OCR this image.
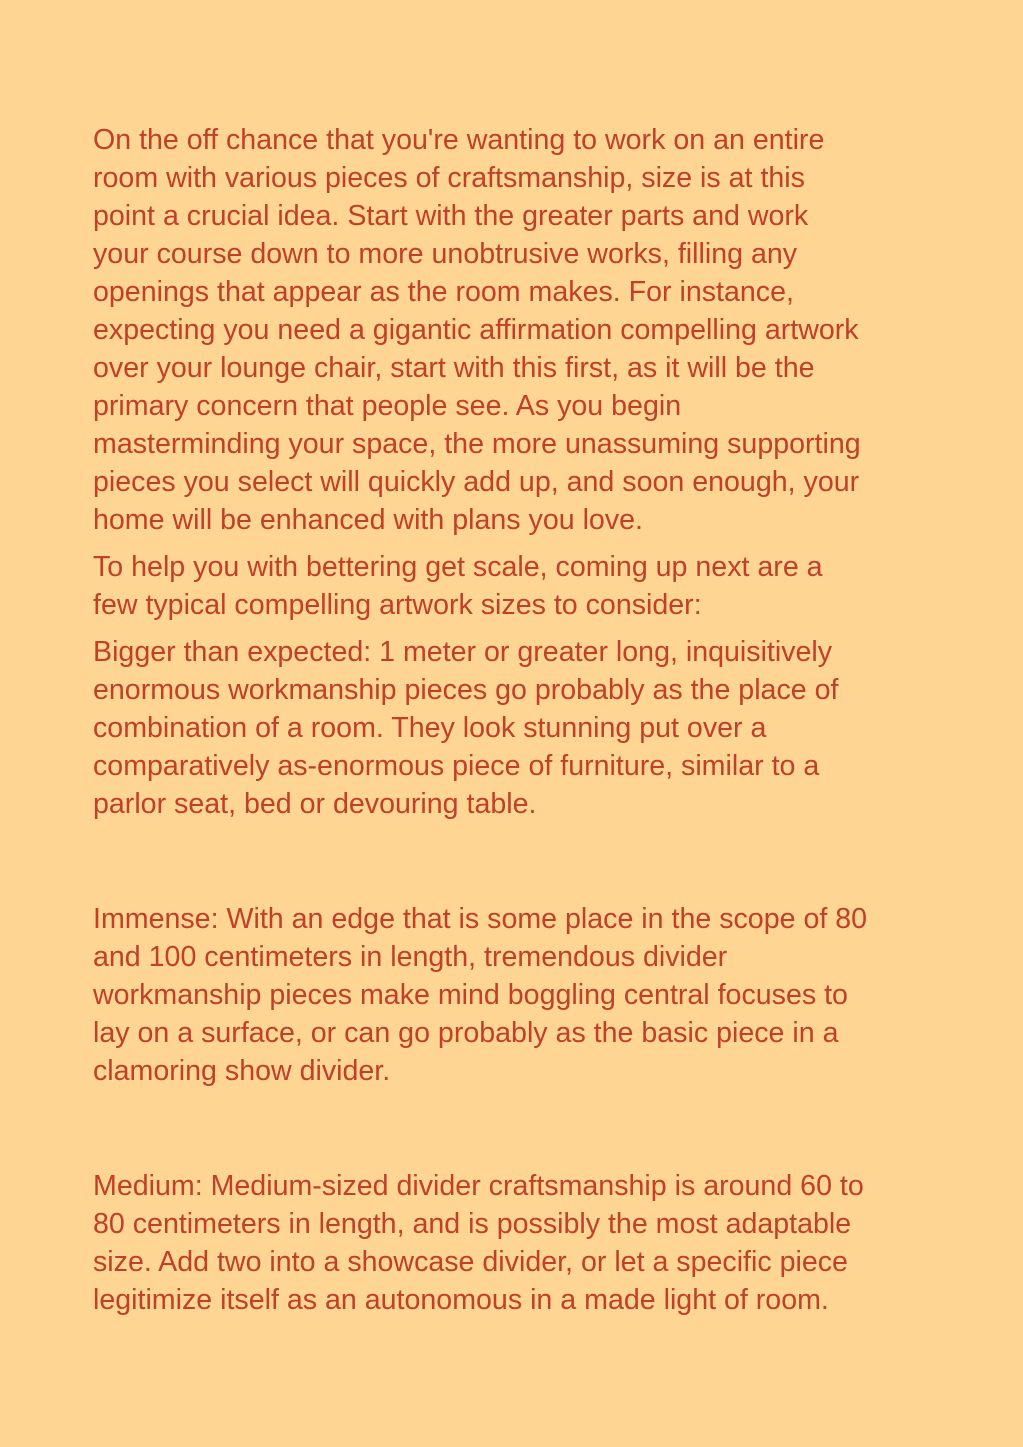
On the off chance that you're wanting to work on an entire
room with various pieces of craftsmanship, size is at this
point a crucial idea. Start with the greater parts and work
your course down to more unobtrusive works, filling any
openings that appear as the room makes. For instance,
expecting you need a gigantic affirmation compelling artwork
over your lounge chair, start with this first, as it will be the
primary concern that people see. As you begin
masterminding your space, the more unassuming supporting
pieces you select will quickly add up, and soon enough, your
home will be enhanced with plans you love.

To help you with bettering get scale, coming up next are a
few typical compelling artwork sizes to consider:

Bigger than expected: 1 meter or greater long, inquisitively
enormous workmanship pieces go probably as the place of
combination of a room. They look stunning put over a
comparatively as-enormous piece of furniture, similar to a
parlor seat, bed or devouring table.

Immense: With an edge that is some place in the scope of 80
and 100 centimeters in length, tremendous divider
workmanship pieces make mind boggling central focuses to
lay on a surface, or can go probably as the basic piece in a
clamoring show divider.

Medium: Medium-sized divider craftsmanship is around 60 to
80 centimeters in length, and is possibly the most adaptable
size. Add two into a showcase divider, or let a specific piece
legitimize itself as an autonomous in a made light of room.
